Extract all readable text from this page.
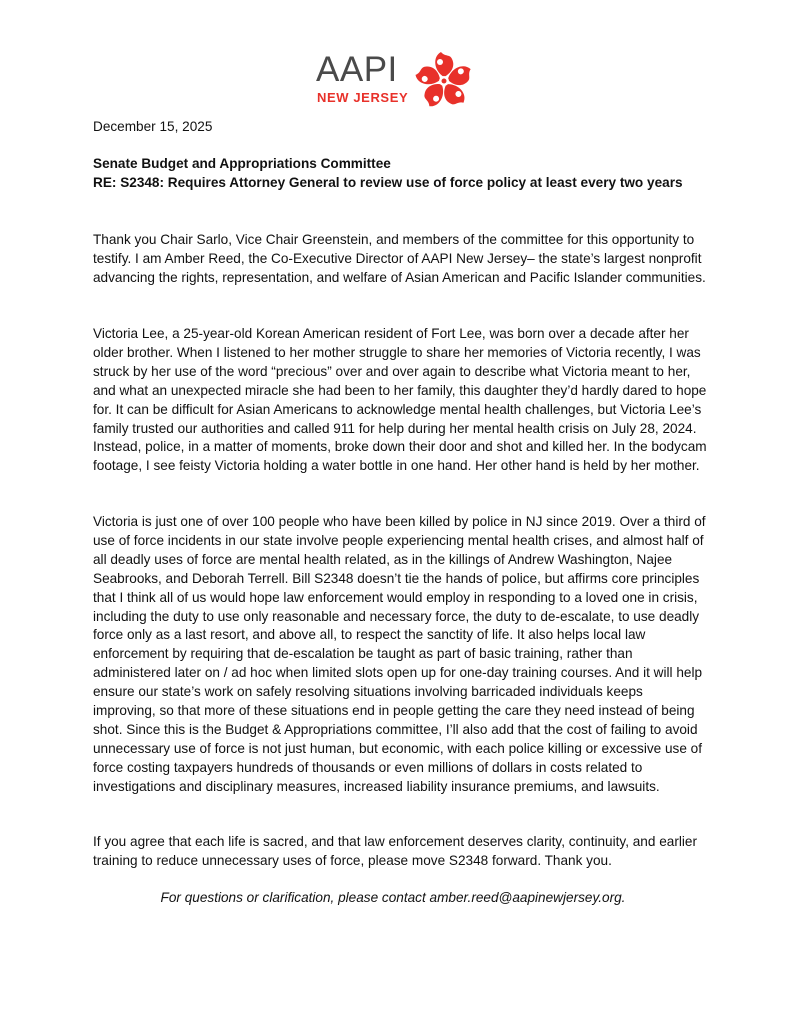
AAPI
NEW JERSEY

December 15, 2025

Senate Budget and Appropriations Committee

RE: S2348: Requires Attorney General to review use of force policy at least every two years

Thank you Chair Sarlo, Vice Chair Greenstein, and members of the committee for this opportunity to testify. I am Amber Reed, the Co-Executive Director of AAPI New Jersey– the state’s largest nonprofit advancing the rights, representation, and welfare of Asian American and Pacific Islander communities.

Victoria Lee, a 25-year-old Korean American resident of Fort Lee, was born over a decade after her older brother. When I listened to her mother struggle to share her memories of Victoria recently, I was struck by her use of the word “precious” over and over again to describe what Victoria meant to her, and what an unexpected miracle she had been to her family, this daughter they’d hardly dared to hope for. It can be difficult for Asian Americans to acknowledge mental health challenges, but Victoria Lee’s family trusted our authorities and called 911 for help during her mental health crisis on July 28, 2024. Instead, police, in a matter of moments, broke down their door and shot and killed her. In the bodycam footage, I see feisty Victoria holding a water bottle in one hand. Her other hand is held by her mother.

Victoria is just one of over 100 people who have been killed by police in NJ since 2019. Over a third of use of force incidents in our state involve people experiencing mental health crises, and almost half of all deadly uses of force are mental health related, as in the killings of Andrew Washington, Najee Seabrooks, and Deborah Terrell. Bill S2348 doesn’t tie the hands of police, but affirms core principles that I think all of us would hope law enforcement would employ in responding to a loved one in crisis, including the duty to use only reasonable and necessary force, the duty to de-escalate, to use deadly force only as a last resort, and above all, to respect the sanctity of life. It also helps local law enforcement by requiring that de-escalation be taught as part of basic training, rather than administered later on / ad hoc when limited slots open up for one-day training courses. And it will help ensure our state’s work on safely resolving situations involving barricaded individuals keeps improving, so that more of these situations end in people getting the care they need instead of being shot. Since this is the Budget & Appropriations committee, I’ll also add that the cost of failing to avoid unnecessary use of force is not just human, but economic, with each police killing or excessive use of force costing taxpayers hundreds of thousands or even millions of dollars in costs related to investigations and disciplinary measures, increased liability insurance premiums, and lawsuits.

If you agree that each life is sacred, and that law enforcement deserves clarity, continuity, and earlier training to reduce unnecessary uses of force, please move S2348 forward. Thank you.

For questions or clarification, please contact amber.reed@aapinewjersey.org.
